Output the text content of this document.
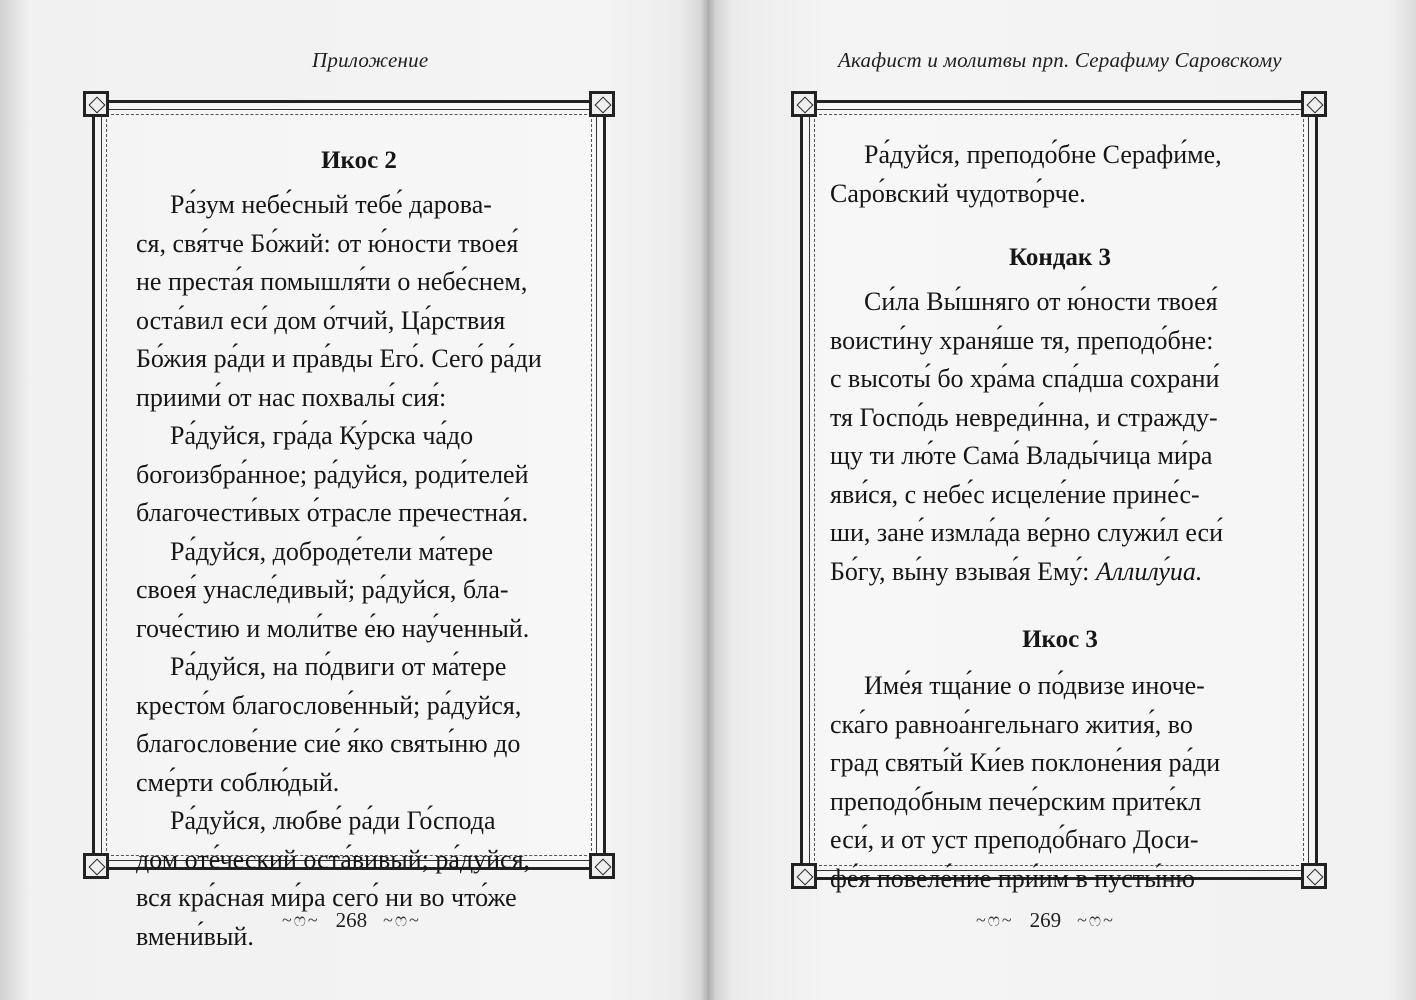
Приложение

Икос 2

Ра́зум небе́сный тебе́ дарова-
ся, свя́тче Бо́жий: от ю́ности твоея́
не преста́я помышля́ти о небе́снем,
оста́вил еси́ дом о́тчий, Ца́рствия
Бо́жия ра́ди и пра́вды Его́. Сего́ ра́ди
приими́ от нас похвалы́ сия́:

Ра́дуйся, гра́да Ку́рска ча́до
богоизбра́нное; ра́дуйся, роди́телей
благочести́вых о́трасле пречестна́я.

Ра́дуйся, доброде́тели ма́тере
своея́ унасле́дивый; ра́дуйся, бла-
гоче́стию и моли́тве е́ю нау́ченный.

Ра́дуйся, на по́двиги от ма́тере
кресто́м благослове́нный; ра́дуйся,
благослове́ние сие́ я́ко святы́ню до
сме́рти соблю́дый.

Ра́дуйся, любве́ ра́ди Го́спода
дом оте́ческий оста́вивый; ра́дуйся,
вся кра́сная ми́ра сего́ ни во что́же
вмени́вый.

~ෆ~ 268 ~ෆ~
Акафист и молитвы прп. Серафиму Саровскому

Ра́дуйся, преподо́бне Серафи́ме,
Саро́вский чудотво́рче.

Кондак 3

Си́ла Вы́шняго от ю́ности твоея́
воисти́ну храня́ше тя, преподо́бне:
с высоты́ бо хра́ма спа́дша сохрани́
тя Госпо́дь невреди́нна, и стражду-
щу ти лю́те Сама́ Влады́чица ми́ра
яви́ся, с небе́с исцеле́ние прине́с-
ши, зане́ измла́да ве́рно служи́л еси́
Бо́гу, вы́ну взыва́я Ему́: Аллилу́иа.

Икос 3

Име́я тща́ние о по́двизе иноче-
ска́го равноа́нгельнаго жития́, во
град святы́й Ки́ев поклоне́ния ра́ди
преподо́бным пече́рским прите́кл
еси́, и от уст преподо́бнаго Доси-
фе́я повеле́ние при́им в пусты́ню

~ෆ~ 269 ~ෆ~
